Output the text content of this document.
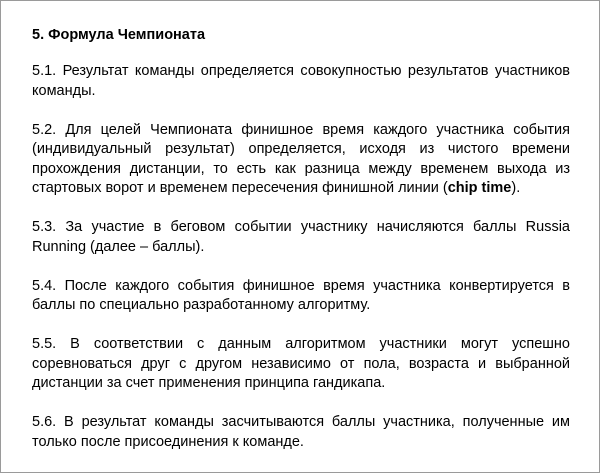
5. Формула Чемпионата

5.1. Результат команды определяется совокупностью результатов участников команды.

5.2. Для целей Чемпионата финишное время каждого участника события (индивидуальный результат) определяется, исходя из чистого времени прохождения дистанции, то есть как разница между временем выхода из стартовых ворот и временем пересечения финишной линии (chip time).

5.3. За участие в беговом событии участнику начисляются баллы Russia Running (далее – баллы).

5.4. После каждого события финишное время участника конвертируется в баллы по специально разработанному алгоритму.

5.5. В соответствии с данным алгоритмом участники могут успешно соревноваться друг с другом независимо от пола, возраста и выбранной дистанции за счет применения принципа гандикапа.

5.6. В результат команды засчитываются баллы участника, полученные им только после присоединения к команде.
